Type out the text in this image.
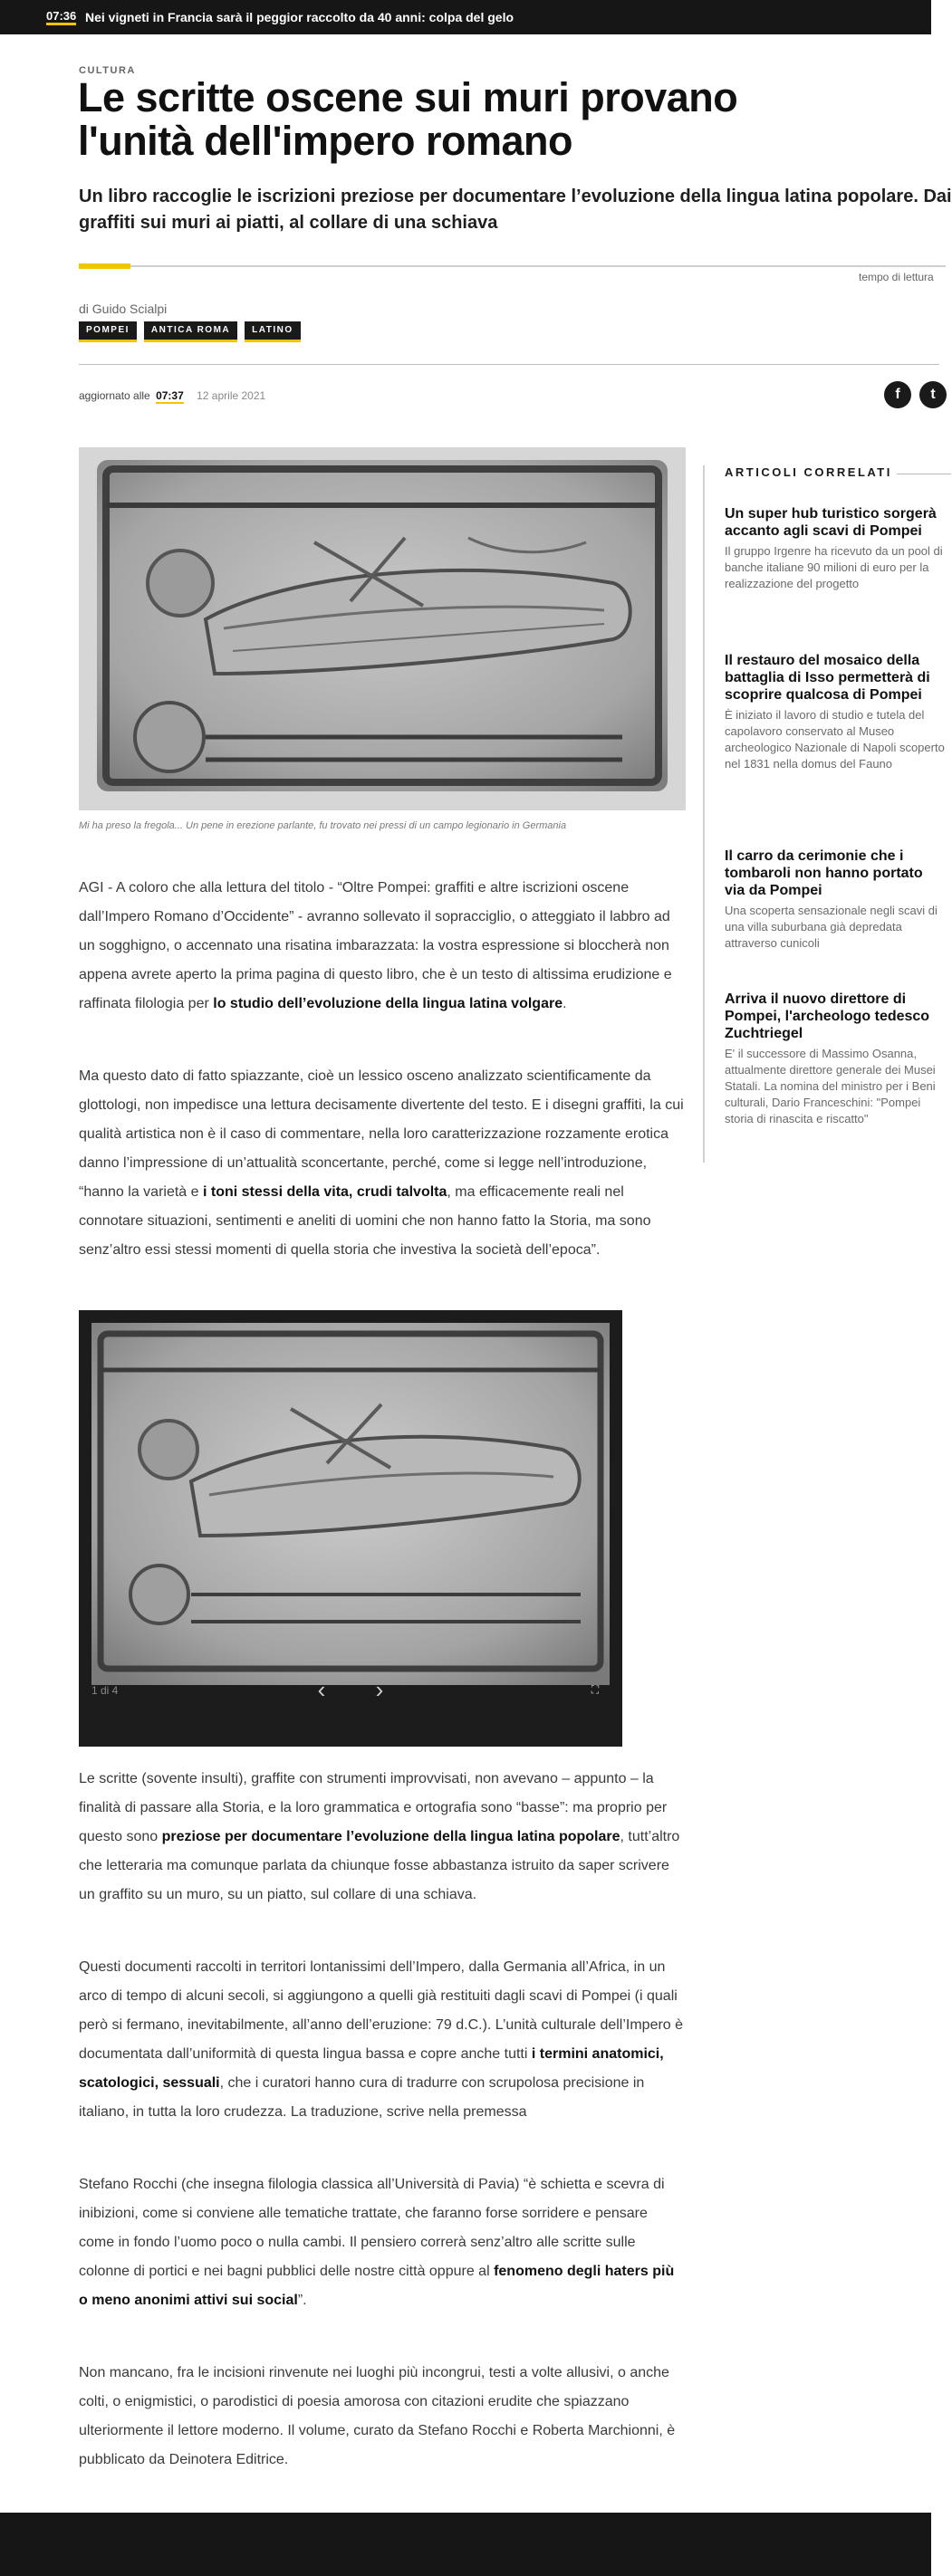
07:36 Nei vigneti in Francia sarà il peggior raccolto da 40 anni: colpa del gelo
CULTURA
Le scritte oscene sui muri provano
l'unità dell'impero romano
Un libro raccoglie le iscrizioni preziose per documentare l’evoluzione della lingua latina popolare. Dai
graffiti sui muri ai piatti, al collare di una schiava
tempo di lettura
di Guido Scialpi
POMPEI	ANTICA ROMA	LATINO
aggiornato alle 07:37 12 aprile 2021	f t
Mi ha preso la fregola... Un pene in erezione parlante, fu trovato nei pressi di un campo legionario in Germania

AGI - A coloro che alla lettura del titolo - “Oltre Pompei: graffiti e altre iscrizioni oscene dall’Impero Romano d’Occidente” - avranno sollevato il sopracciglio, o atteggiato il labbro ad un sogghigno, o accennato una risatina imbarazzata: la vostra espressione si bloccherà non appena avrete aperto la prima pagina di questo libro, che è un testo di altissima erudizione e raffinata filologia per lo studio dell’evoluzione della lingua latina volgare.

Ma questo dato di fatto spiazzante, cioè un lessico osceno analizzato scientificamente da glottologi, non impedisce una lettura decisamente divertente del testo. E i disegni graffiti, la cui qualità artistica non è il caso di commentare, nella loro caratterizzazione rozzamente erotica danno l’impressione di un’attualità sconcertante, perché, come si legge nell’introduzione, “hanno la varietà e i toni stessi della vita, crudi talvolta, ma efficacemente reali nel connotare situazioni, sentimenti e aneliti di uomini che non hanno fatto la Storia, ma sono senz’altro essi stessi momenti di quella storia che investiva la società dell’epoca”.

1 di 4	‹	›	⛶

Le scritte (sovente insulti), graffite con strumenti improvvisati, non avevano – appunto – la finalità di passare alla Storia, e la loro grammatica e ortografia sono “basse”: ma proprio per questo sono preziose per documentare l’evoluzione della lingua latina popolare, tutt’altro che letteraria ma comunque parlata da chiunque fosse abbastanza istruito da saper scrivere un graffito su un muro, su un piatto, sul collare di una schiava.

Questi documenti raccolti in territori lontanissimi dell’Impero, dalla Germania all’Africa, in un arco di tempo di alcuni secoli, si aggiungono a quelli già restituiti dagli scavi di Pompei (i quali però si fermano, inevitabilmente, all’anno dell’eruzione: 79 d.C.). L’unità culturale dell’Impero è documentata dall’uniformità di questa lingua bassa e copre anche tutti i termini anatomici, scatologici, sessuali, che i curatori hanno cura di tradurre con scrupolosa precisione in italiano, in tutta la loro crudezza. La traduzione, scrive nella premessa

Stefano Rocchi (che insegna filologia classica all’Università di Pavia) “è schietta e scevra di inibizioni, come si conviene alle tematiche trattate, che faranno forse sorridere e pensare come in fondo l’uomo poco o nulla cambi. Il pensiero correrà senz’altro alle scritte sulle colonne di portici e nei bagni pubblici delle nostre città oppure al fenomeno degli haters più o meno anonimi attivi sui social”.

Non mancano, fra le incisioni rinvenute nei luoghi più incongrui, testi a volte allusivi, o anche colti, o enigmistici, o parodistici di poesia amorosa con citazioni erudite che spiazzano ulteriormente il lettore moderno. Il volume, curato da Stefano Rocchi e Roberta Marchionni, è pubblicato da Deinotera Editrice.

ARTICOLI CORRELATI
Un super hub turistico sorgerà accanto agli scavi di Pompei

Il gruppo Irgenre ha ricevuto da un pool di banche italiane 90 milioni di euro per la realizzazione del progetto

Il restauro del mosaico della battaglia di Isso permetterà di scoprire qualcosa di Pompei

È iniziato il lavoro di studio e tutela del capolavoro conservato al Museo archeologico Nazionale di Napoli scoperto nel 1831 nella domus del Fauno

Il carro da cerimonie che i tombaroli non hanno portato via da Pompei

Una scoperta sensazionale negli scavi di una villa suburbana già depredata attraverso cunicoli

Arriva il nuovo direttore di Pompei, l'archeologo tedesco Zuchtriegel

E' il successore di Massimo Osanna, attualmente direttore generale dei Musei Statali. La nomina del ministro per i Beni culturali, Dario Franceschini: "Pompei storia di rinascita e riscatto"
